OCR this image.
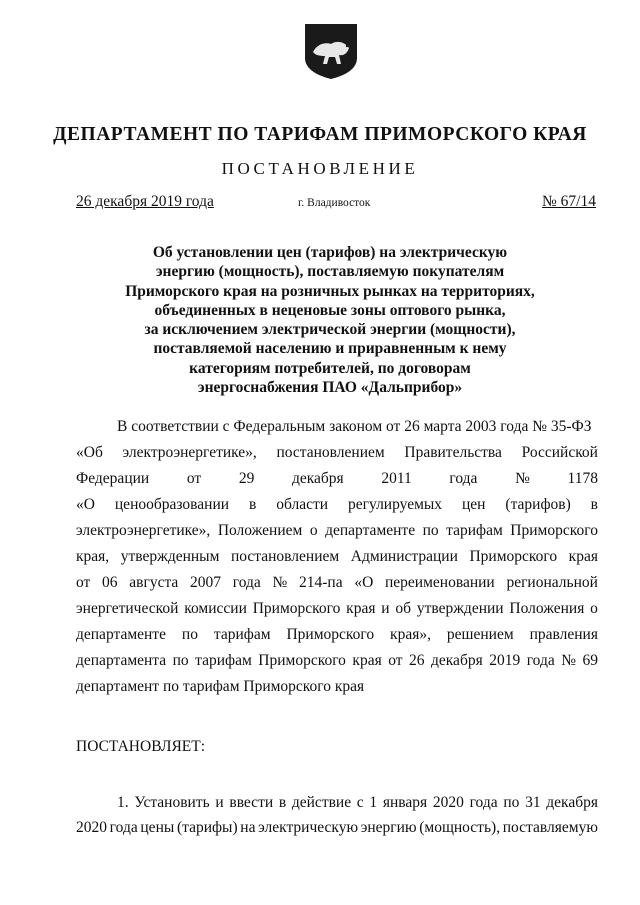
ДЕПАРТАМЕНТ ПО ТАРИФАМ ПРИМОРСКОГО КРАЯ
ПОСТАНОВЛЕНИЕ
26 декабря 2019 года	г. Владивосток	№ 67/14
Об установлении цен (тарифов) на электрическую
энергию (мощность), поставляемую покупателям
Приморского края на розничных рынках на территориях,
объединенных в неценовые зоны оптового рынка,
за исключением электрической энергии (мощности),
поставляемой населению и приравненным к нему
категориям потребителей, по договорам
энергоснабжения ПАО «Дальприбор»
В соответствии с Федеральным законом от 26 марта 2003 года № 35-ФЗ
«Об электроэнергетике», постановлением Правительства Российской
Федерации от 29 декабря 2011 года № 1178
«О ценообразовании в области регулируемых цен (тарифов) в
электроэнергетике», Положением о департаменте по тарифам Приморского
края, утвержденным постановлением Администрации Приморского края
от 06 августа 2007 года № 214-па «О переименовании региональной
энергетической комиссии Приморского края и об утверждении Положения о
департаменте по тарифам Приморского края», решением правления
департамента по тарифам Приморского края от 26 декабря 2019 года № 69
департамент по тарифам Приморского края
ПОСТАНОВЛЯЕТ:
1. Установить и ввести в действие с 1 января 2020 года по 31 декабря
2020 года цены (тарифы) на электрическую энергию (мощность), поставляемую
